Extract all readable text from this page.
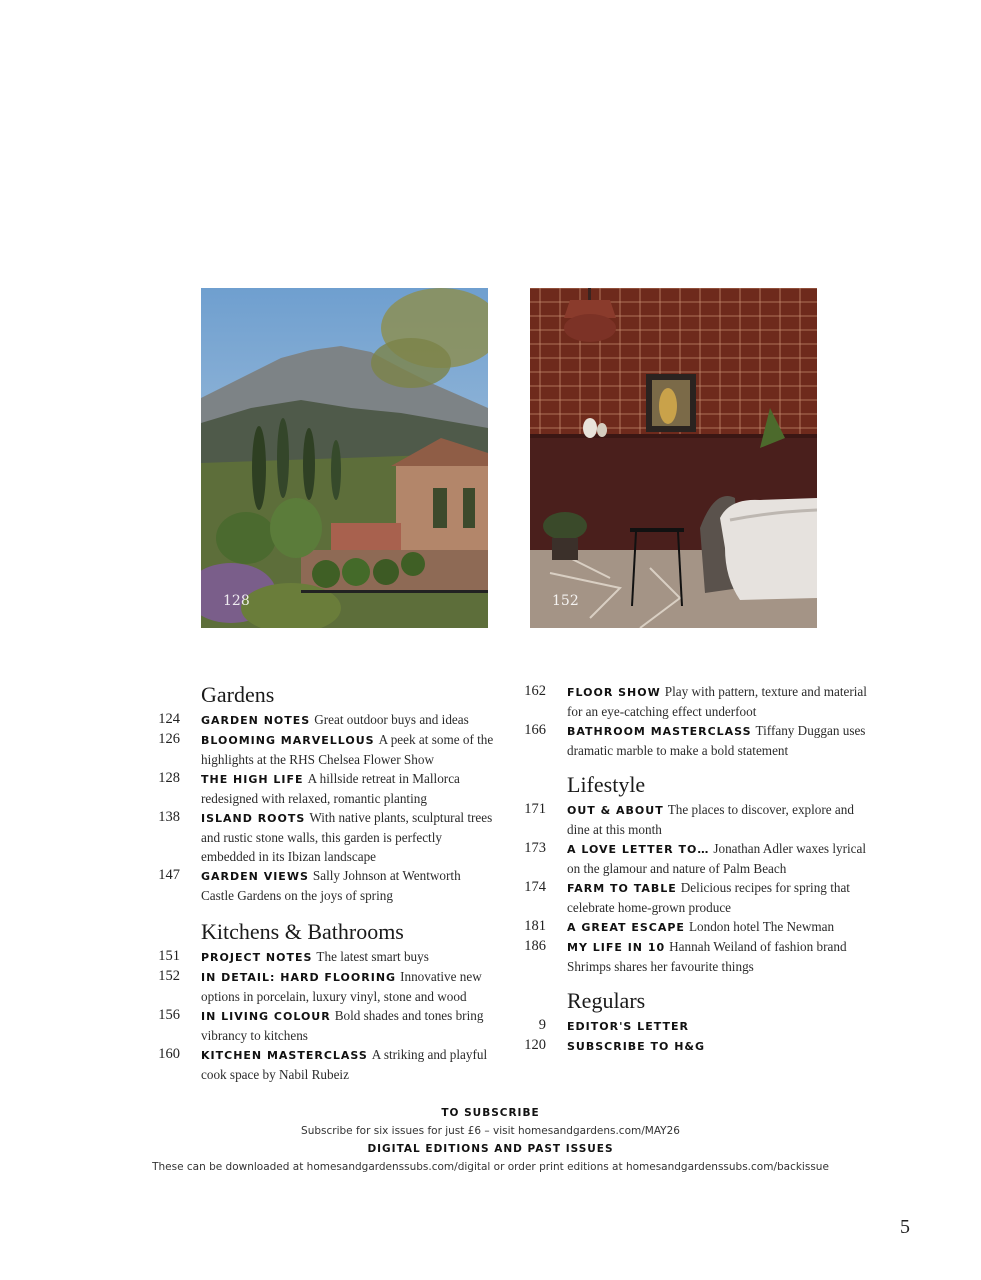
128	152
Gardens
124 GARDEN NOTES Great outdoor buys and ideas
126 BLOOMING MARVELLOUS A peek at some of the highlights at the RHS Chelsea Flower Show
128 THE HIGH LIFE A hillside retreat in Mallorca redesigned with relaxed, romantic planting
138 ISLAND ROOTS With native plants, sculptural trees and rustic stone walls, this garden is perfectly embedded in its Ibizan landscape
147 GARDEN VIEWS Sally Johnson at Wentworth Castle Gardens on the joys of spring
Kitchens & Bathrooms
151 PROJECT NOTES The latest smart buys
152 IN DETAIL: HARD FLOORING Innovative new options in porcelain, luxury vinyl, stone and wood
156 IN LIVING COLOUR Bold shades and tones bring vibrancy to kitchens
160 KITCHEN MASTERCLASS A striking and playful cook space by Nabil Rubeiz
162 FLOOR SHOW Play with pattern, texture and material for an eye-catching effect underfoot
166 BATHROOM MASTERCLASS Tiffany Duggan uses dramatic marble to make a bold statement
Lifestyle
171 OUT & ABOUT The places to discover, explore and dine at this month
173 A LOVE LETTER TO… Jonathan Adler waxes lyrical on the glamour and nature of Palm Beach
174 FARM TO TABLE Delicious recipes for spring that celebrate home-grown produce
181 A GREAT ESCAPE London hotel The Newman
186 MY LIFE IN 10 Hannah Weiland of fashion brand Shrimps shares her favourite things
Regulars
9 EDITOR'S LETTER
120 SUBSCRIBE TO H&G
TO SUBSCRIBE
Subscribe for six issues for just £6 – visit homesandgardens.com/MAY26
DIGITAL EDITIONS AND PAST ISSUES
These can be downloaded at homesandgardenssubs.com/digital or order print editions at homesandgardenssubs.com/backissue
5
